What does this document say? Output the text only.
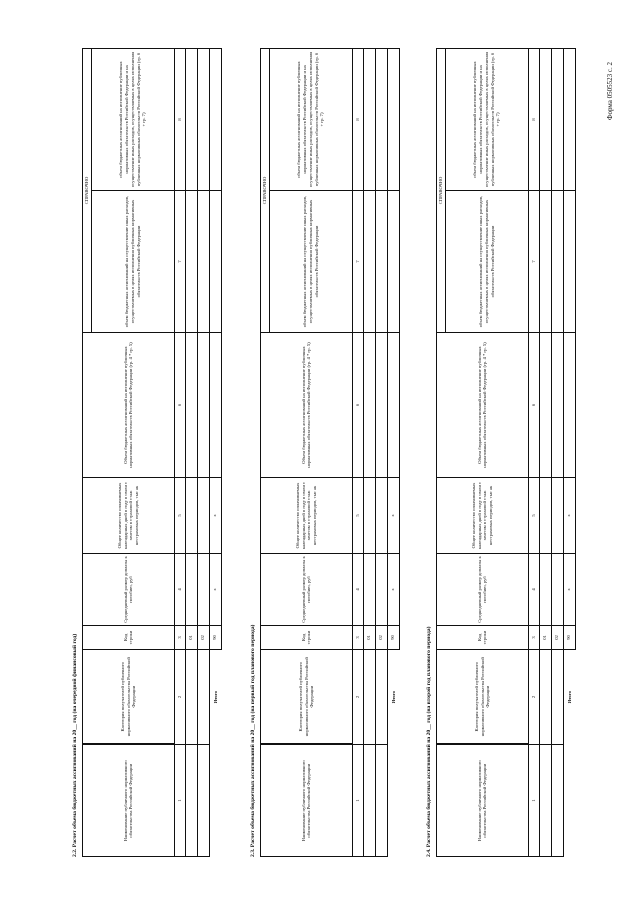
Форма 0505523 с. 2
2.2. Расчет объема бюджетных ассигнований на 20__ год (на очередной финансовый год)	Наименование публичного нормативного обязательства Российской Федерации	Категория получателей публичного нормативного обязательства Российской Федерации	Код строки	Среднедневный размер доплаты к пособию, руб	Общее количество оплачиваемых календарных дней в году в связи с зачетом в страховой стаж нестраховых периодов, тыс ак	Объем бюджетных ассигнований на исполнение публичных нормативных обязательств Российской Федерации (гр. 4 * гр. 5)	СПРАВОЧНО	
						объем бюджетных ассигнований на осуществление иных расходов, осуществляемых в целях исполнения публичных нормативных обязательств Российской Федерации	объем бюджетных ассигнований на исполнение публичных нормативных обязательств Российской Федерации и на осуществление иных расходов, осуществляемых в целях исполнения публичных нормативных обязательств Российской Федерации (гр. 6 + гр. 7)
1	2	3	4	5	6	7	8
		01					
		02					
	Итого	90	x	x			
2.3. Расчет объема бюджетных ассигнований на 20__ год (на первый год планового периода)	Наименование публичного нормативного обязательства Российской Федерации	Категория получателей публичного нормативного обязательства Российской Федерации	Код строки	Среднедневный размер доплаты к пособию, руб	Общее количество оплачиваемых календарных дней в году в связи с зачетом в страховой стаж нестраховых периодов, тыс ак	Объем бюджетных ассигнований на исполнение публичных нормативных обязательств Российской Федерации (гр. 4 * гр. 5)	СПРАВОЧНО	
						объем бюджетных ассигнований на осуществление иных расходов, осуществляемых в целях исполнения публичных нормативных обязательств Российской Федерации	объем бюджетных ассигнований на исполнение публичных нормативных обязательств Российской Федерации и на осуществление иных расходов, осуществляемых в целях исполнения публичных нормативных обязательств Российской Федерации (гр. 6 + гр. 7)
1	2	3	4	5	6	7	8
		01					
		02					
	Итого	90	x	x			
2.4. Расчет объема бюджетных ассигнований на 20__ год (на второй год планового периода)	Наименование публичного нормативного обязательства Российской Федерации	Категория получателей публичного нормативного обязательства Российской Федерации	Код строки	Среднедневный размер доплаты к пособию, руб	Общее количество оплачиваемых календарных дней в году в связи с зачетом в страховой стаж нестраховых периодов, тыс ак	Объем бюджетных ассигнований на исполнение публичных нормативных обязательств Российской Федерации (гр. 4 * гр. 5)	СПРАВОЧНО	
						объем бюджетных ассигнований на осуществление иных расходов, осуществляемых в целях исполнения публичных нормативных обязательств Российской Федерации	объем бюджетных ассигнований на исполнение публичных нормативных обязательств Российской Федерации и на осуществление иных расходов, осуществляемых в целях исполнения публичных нормативных обязательств Российской Федерации (гр. 6 + гр. 7)
1	2	3	4	5	6	7	8
		01					
		02					
	Итого	90	x	x			
